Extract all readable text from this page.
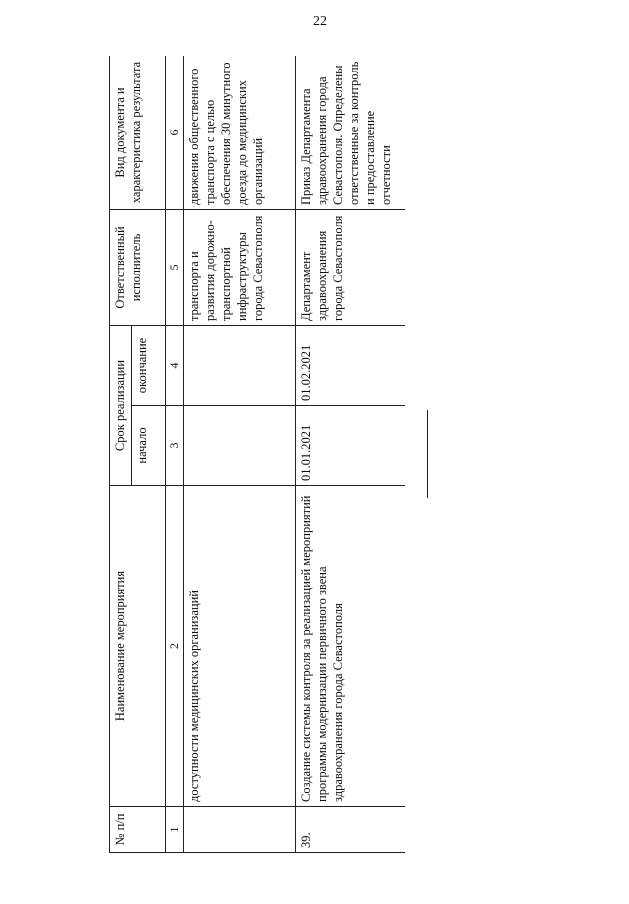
22
№ п/п	Наименование мероприятия	Срок реализации		Ответственный исполнитель	Вид документа и характеристика результата
		начало	окончание		
1	2	3	4	5	6
	доступности медицинских организаций			транспорта и развития дорожно-транспортной инфраструктуры города Севастополя	движения общественного транспорта с целью обеспечения 30 минутного доезда до медицинских организаций
39.	Создание системы контроля за реализацией мероприятий программы модернизации первичного звена здравоохранения города Севастополя	01.01.2021	01.02.2021	Департамент здравоохранения города Севастополя	Приказ Департамента здравоохранения города Севастополя. Определены ответственные за контроль и предоставление отчетности
